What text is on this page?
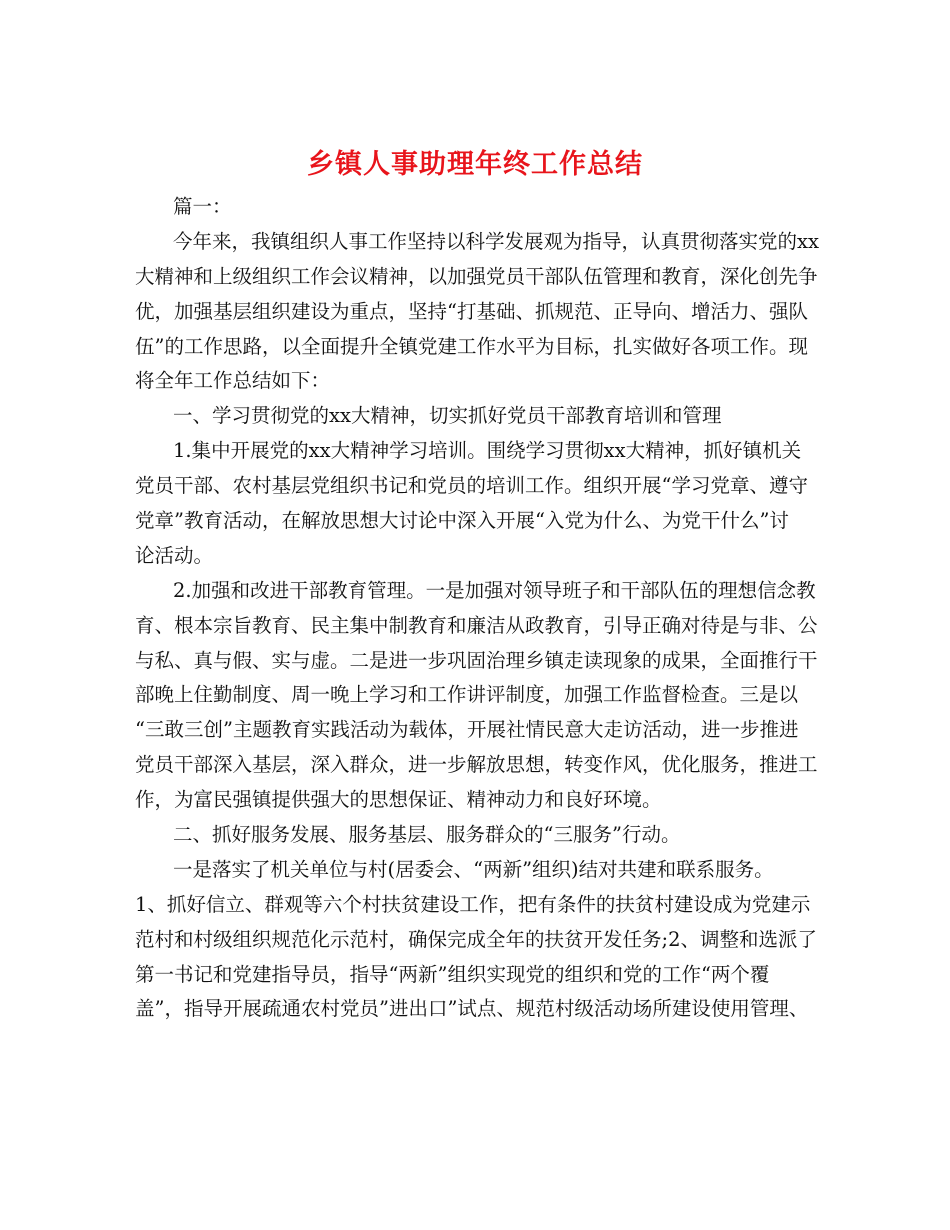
乡镇人事助理年终工作总结
篇一：
今年来，我镇组织人事工作坚持以科学发展观为指导，认真贯彻落实党的xx
大精神和上级组织工作会议精神，以加强党员干部队伍管理和教育，深化创先争
优，加强基层组织建设为重点，坚持“打基础、抓规范、正导向、增活力、强队
伍”的工作思路，以全面提升全镇党建工作水平为目标，扎实做好各项工作。现
将全年工作总结如下：
一、学习贯彻党的xx大精神，切实抓好党员干部教育培训和管理
1.集中开展党的xx大精神学习培训。围绕学习贯彻xx大精神，抓好镇机关
党员干部、农村基层党组织书记和党员的培训工作。组织开展“学习党章、遵守
党章”教育活动，在解放思想大讨论中深入开展“入党为什么、为党干什么”讨
论活动。
2.加强和改进干部教育管理。一是加强对领导班子和干部队伍的理想信念教
育、根本宗旨教育、民主集中制教育和廉洁从政教育，引导正确对待是与非、公
与私、真与假、实与虚。二是进一步巩固治理乡镇走读现象的成果，全面推行干
部晚上住勤制度、周一晚上学习和工作讲评制度，加强工作监督检查。三是以
“三敢三创”主题教育实践活动为载体，开展社情民意大走访活动，进一步推进
党员干部深入基层，深入群众，进一步解放思想，转变作风，优化服务，推进工
作，为富民强镇提供强大的思想保证、精神动力和良好环境。
二、抓好服务发展、服务基层、服务群众的“三服务”行动。
一是落实了机关单位与村(居委会、“两新”组织)结对共建和联系服务。
1、抓好信立、群观等六个村扶贫建设工作，把有条件的扶贫村建设成为党建示
范村和村级组织规范化示范村，确保完成全年的扶贫开发任务;2、调整和选派了
第一书记和党建指导员，指导“两新”组织实现党的组织和党的工作“两个覆
盖”，指导开展疏通农村党员”进出口”试点、规范村级活动场所建设使用管理、
